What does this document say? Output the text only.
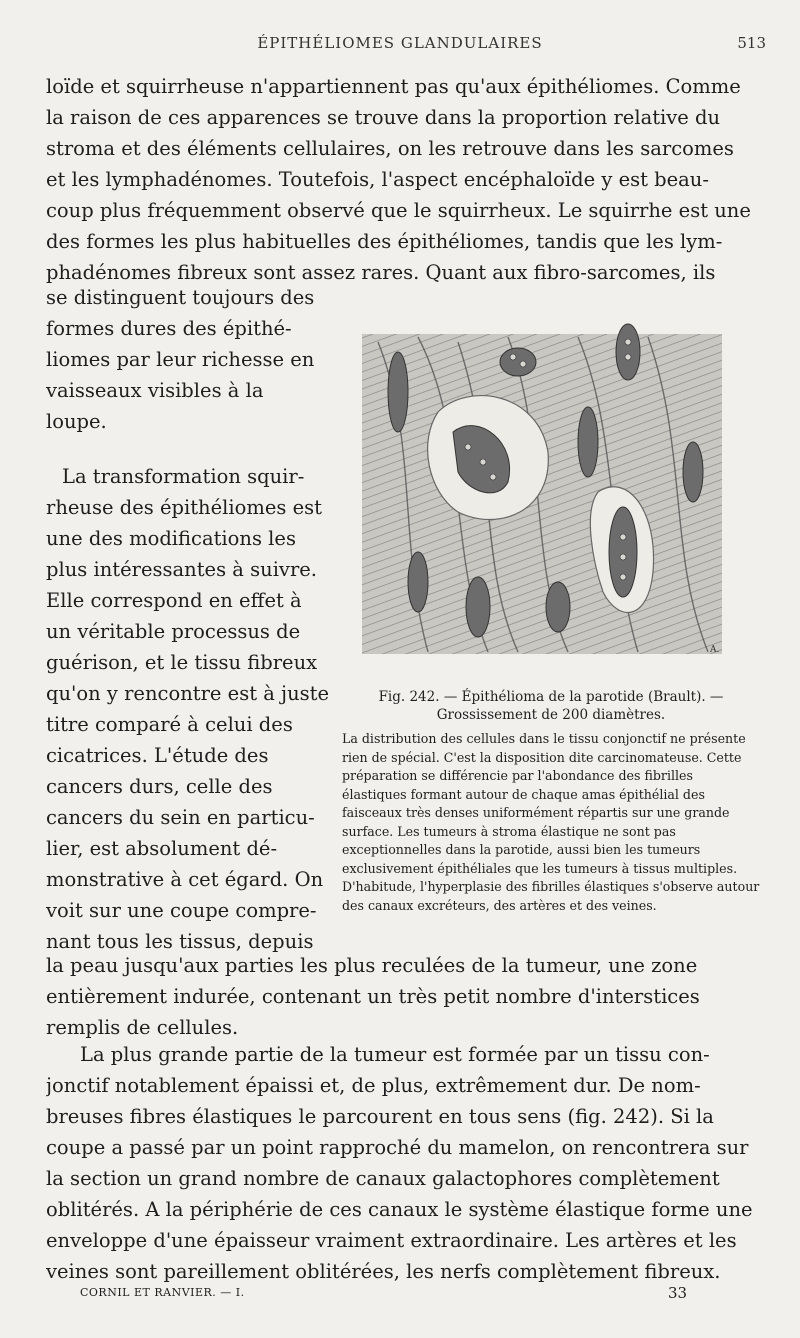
ÉPITHÉLIOMES GLANDULAIRES	513
loïde et squirrheuse n'appartiennent pas qu'aux épithéliomes. Comme
la raison de ces apparences se trouve dans la proportion relative du
stroma et des éléments cellulaires, on les retrouve dans les sarcomes
et les lymphadénomes. Toutefois, l'aspect encéphaloïde y est beau-
coup plus fréquemment observé que le squirrheux. Le squirrhe est une
des formes les plus habituelles des épithéliomes, tandis que les lym-
phadénomes fibreux sont assez rares. Quant aux fibro-sarcomes, ils
se distinguent toujours des
formes dures des épithé-
liomes par leur richesse en
vaisseaux visibles à la
loupe.
La transformation squir-
rheuse des épithéliomes est
une des modifications les
plus intéressantes à suivre.
Elle correspond en effet à
un véritable processus de
guérison, et le tissu fibreux
qu'on y rencontre est à juste
titre comparé à celui des
cicatrices. L'étude des
cancers durs, celle des
cancers du sein en particu-
lier, est absolument dé-
monstrative à cet égard. On
voit sur une coupe compre-
nant tous les tissus, depuis
A.
Fig. 242. — Épithélioma de la parotide (Brault). —
Grossissement de 200 diamètres.
La distribution des cellules dans le tissu conjonctif ne présente rien de spécial. C'est la disposition dite carcinomateuse. Cette préparation se différencie par l'abondance des fibrilles élastiques formant autour de chaque amas épithélial des faisceaux très denses uniformément répartis sur une grande surface. Les tumeurs à stroma élastique ne sont pas exceptionnelles dans la parotide, aussi bien les tumeurs exclusivement épithéliales que les tumeurs à tissus multiples. D'habitude, l'hyperplasie des fibrilles élastiques s'observe autour des canaux excréteurs, des artères et des veines.
la peau jusqu'aux parties les plus reculées de la tumeur, une zone
entièrement indurée, contenant un très petit nombre d'interstices
remplis de cellules.
La plus grande partie de la tumeur est formée par un tissu con-
jonctif notablement épaissi et, de plus, extrêmement dur. De nom-
breuses fibres élastiques le parcourent en tous sens (fig. 242). Si la
coupe a passé par un point rapproché du mamelon, on rencontrera sur
la section un grand nombre de canaux galactophores complètement
oblitérés. A la périphérie de ces canaux le système élastique forme une
enveloppe d'une épaisseur vraiment extraordinaire. Les artères et les
veines sont pareillement oblitérées, les nerfs complètement fibreux.
CORNIL ET RANVIER. — I.	33
